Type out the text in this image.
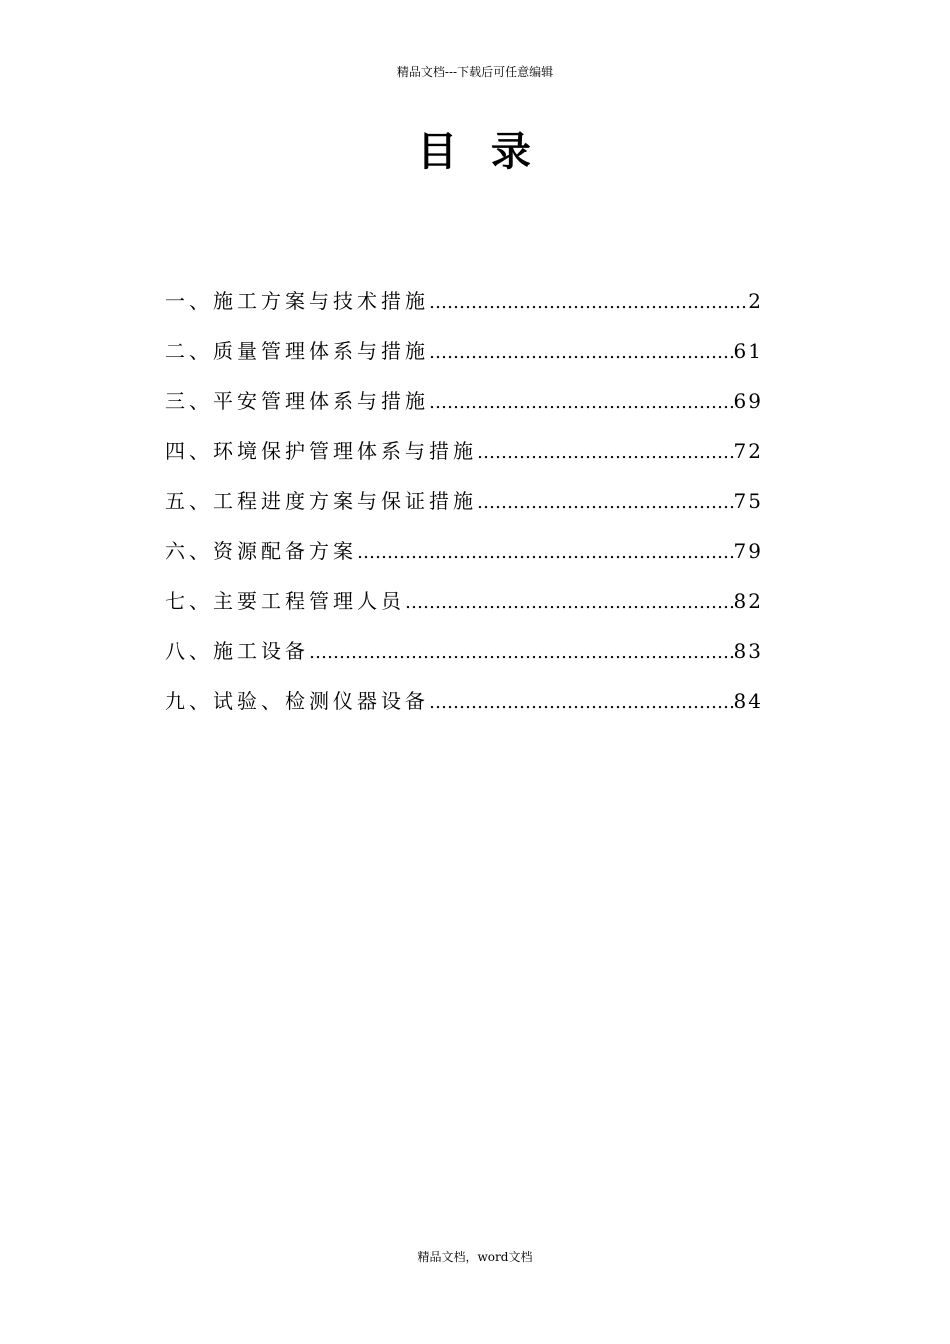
精品文档---下载后可任意编辑
目  录
一、施工方案与技术措施 …………………………………………………………………………………………………………………………………………………………………………	2
二、质量管理体系与措施 …………………………………………………………………………………………………………………………………………………………………………	61
三、平安管理体系与措施 …………………………………………………………………………………………………………………………………………………………………………	69
四、环境保护管理体系与措施 …………………………………………………………………………………………………………………………………………………………………………	72
五、工程进度方案与保证措施 …………………………………………………………………………………………………………………………………………………………………………	75
六、资源配备方案 …………………………………………………………………………………………………………………………………………………………………………	79
七、主要工程管理人员 …………………………………………………………………………………………………………………………………………………………………………	82
八、施工设备 …………………………………………………………………………………………………………………………………………………………………………	83
九、试验、检测仪器设备 …………………………………………………………………………………………………………………………………………………………………………	84
精品文档，word文档
